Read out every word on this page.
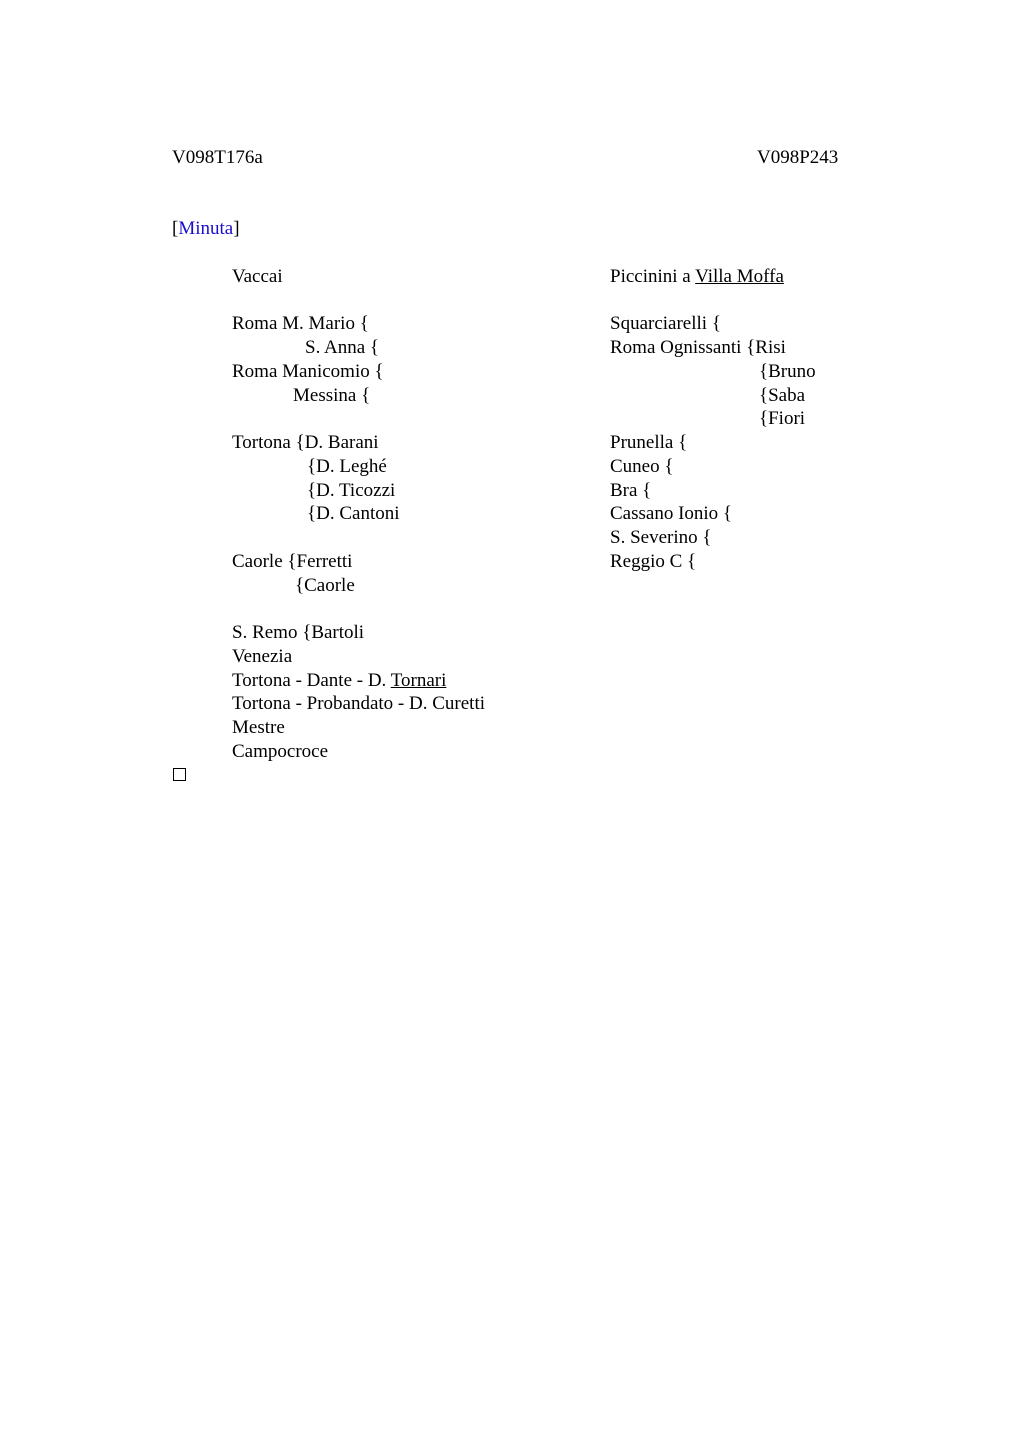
V098T176a	V098P243
[Minuta]
Vaccai
Roma M. Mario {
S. Anna {
Roma Manicomio {
Messina {
Tortona {D. Barani
{D. Leghé
{D. Ticozzi
{D. Cantoni
Caorle {Ferretti
{Caorle
S. Remo {Bartoli
Venezia
Tortona - Dante - D. Tornari
Tortona - Probandato - D. Curetti
Mestre
Campocroce
Piccinini a Villa Moffa
Squarciarelli {
Roma Ognissanti {Risi
{Bruno
{Saba
{Fiori
Prunella {
Cuneo {
Bra {
Cassano Ionio {
S. Severino {
Reggio C {
